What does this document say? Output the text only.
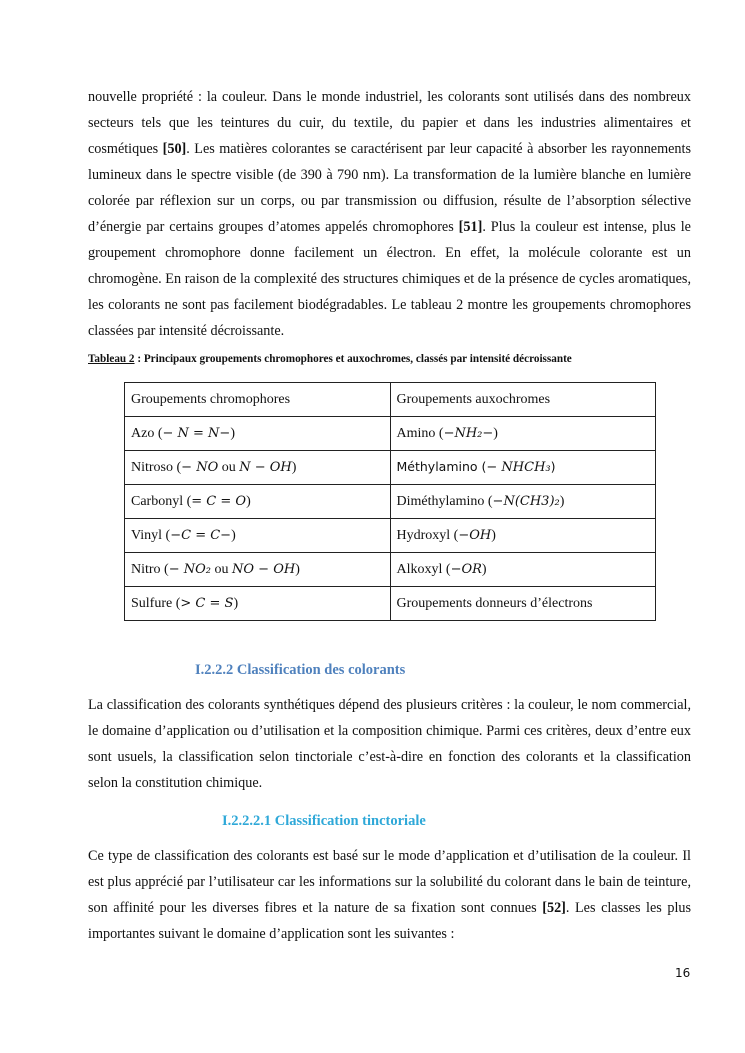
nouvelle propriété : la couleur. Dans le monde industriel, les colorants sont utilisés dans des nombreux secteurs tels que les teintures du cuir, du textile, du papier et dans les industries alimentaires et cosmétiques [50]. Les matières colorantes se caractérisent par leur capacité à absorber les rayonnements lumineux dans le spectre visible (de 390 à 790 nm). La transformation de la lumière blanche en lumière colorée par réflexion sur un corps, ou par transmission ou diffusion, résulte de l’absorption sélective d’énergie par certains groupes d’atomes appelés chromophores [51]. Plus la couleur est intense, plus le groupement chromophore donne facilement un électron. En effet, la molécule colorante est un chromogène. En raison de la complexité des structures chimiques et de la présence de cycles aromatiques, les colorants ne sont pas facilement biodégradables. Le tableau 2 montre les groupements chromophores classées par intensité décroissante.

Tableau 2 : Principaux groupements chromophores et auxochromes, classés par intensité décroissante
Groupements chromophores	Groupements auxochromes
Azo (− N = N−)	Amino (−NH₂−)
Nitroso (− NO ou N − OH)	Méthylamino (− NHCH₃)
Carbonyl (= C = O)	Diméthylamino (−N(CH3)₂)
Vinyl (−C = C−)	Hydroxyl (−OH)
Nitro (− NO₂ ou NO − OH)	Alkoxyl (−OR)
Sulfure (> C = S)	Groupements donneurs d’électrons
I.2.2.2 Classification des colorants

La classification des colorants synthétiques dépend des plusieurs critères : la couleur, le nom commercial, le domaine d’application ou d’utilisation et la composition chimique. Parmi ces critères, deux d’entre eux sont usuels, la classification selon tinctoriale c’est-à-dire en fonction des colorants et la classification selon la constitution chimique.

I.2.2.2.1 Classification tinctoriale

Ce type de classification des colorants est basé sur le mode d’application et d’utilisation de la couleur. Il est plus apprécié par l’utilisateur car les informations sur la solubilité du colorant dans le bain de teinture, son affinité pour les diverses fibres et la nature de sa fixation sont connues [52]. Les classes les plus importantes suivant le domaine d’application sont les suivantes :

16
